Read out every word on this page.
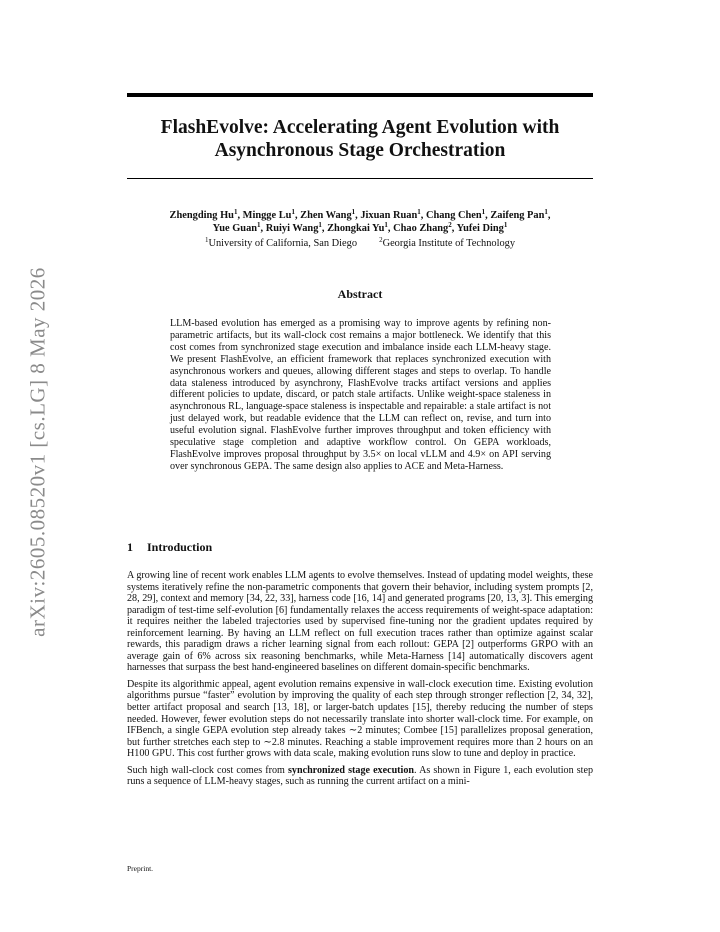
arXiv:2605.08520v1 [cs.LG] 8 May 2026
FlashEvolve: Accelerating Agent Evolution with
Asynchronous Stage Orchestration
Zhengding Hu$^1$, Mingge Lu$^1$, Zhen Wang$^1$, Jixuan Ruan$^1$, Chang Chen$^1$, Zaifeng Pan$^1$,
Yue Guan$^1$, Ruiyi Wang$^1$, Zhongkai Yu$^1$, Chao Zhang$^2$, Yufei Ding$^1$
$^1$University of California, San Diego	$^2$Georgia Institute of Technology
Abstract
LLM-based evolution has emerged as a promising way to improve agents by refining non-parametric artifacts, but its wall-clock cost remains a major bottleneck. We identify that this cost comes from synchronized stage execution and imbalance inside each LLM-heavy stage. We present FlashEvolve, an efficient framework that replaces synchronized execution with asynchronous workers and queues, allowing different stages and steps to overlap. To handle data staleness introduced by asynchrony, FlashEvolve tracks artifact versions and applies different policies to update, discard, or patch stale artifacts. Unlike weight-space staleness in asynchronous RL, language-space staleness is inspectable and repairable: a stale artifact is not just delayed work, but readable evidence that the LLM can reflect on, revise, and turn into useful evolution signal. FlashEvolve further improves throughput and token efficiency with speculative stage completion and adaptive workflow control. On GEPA workloads, FlashEvolve improves proposal throughput by 3.5× on local vLLM and 4.9× on API serving over synchronous GEPA. The same design also applies to ACE and Meta-Harness.
1 Introduction

A growing line of recent work enables LLM agents to evolve themselves. Instead of updating model weights, these systems iteratively refine the non-parametric components that govern their behavior, including system prompts [2, 28, 29], context and memory [34, 22, 33], harness code [16, 14] and generated programs [20, 13, 3]. This emerging paradigm of test-time self-evolution [6] fundamentally relaxes the access requirements of weight-space adaptation: it requires neither the labeled trajectories used by supervised fine-tuning nor the gradient updates required by reinforcement learning. By having an LLM reflect on full execution traces rather than optimize against scalar rewards, this paradigm draws a richer learning signal from each rollout: GEPA [2] outperforms GRPO with an average gain of 6% across six reasoning benchmarks, while Meta-Harness [14] automatically discovers agent harnesses that surpass the best hand-engineered baselines on different domain-specific benchmarks.

Despite its algorithmic appeal, agent evolution remains expensive in wall-clock execution time. Existing evolution algorithms pursue “faster” evolution by improving the quality of each step through stronger reflection [2, 34, 32], better artifact proposal and search [13, 18], or larger-batch updates [15], thereby reducing the number of steps needed. However, fewer evolution steps do not necessarily translate into shorter wall-clock time. For example, on IFBench, a single GEPA evolution step already takes ∼2 minutes; Combee [15] parallelizes proposal generation, but further stretches each step to ∼2.8 minutes. Reaching a stable improvement requires more than 2 hours on an H100 GPU. This cost further grows with data scale, making evolution runs slow to tune and deploy in practice.

Such high wall-clock cost comes from synchronized stage execution. As shown in Figure 1, each evolution step runs a sequence of LLM-heavy stages, such as running the current artifact on a mini-

Preprint.
